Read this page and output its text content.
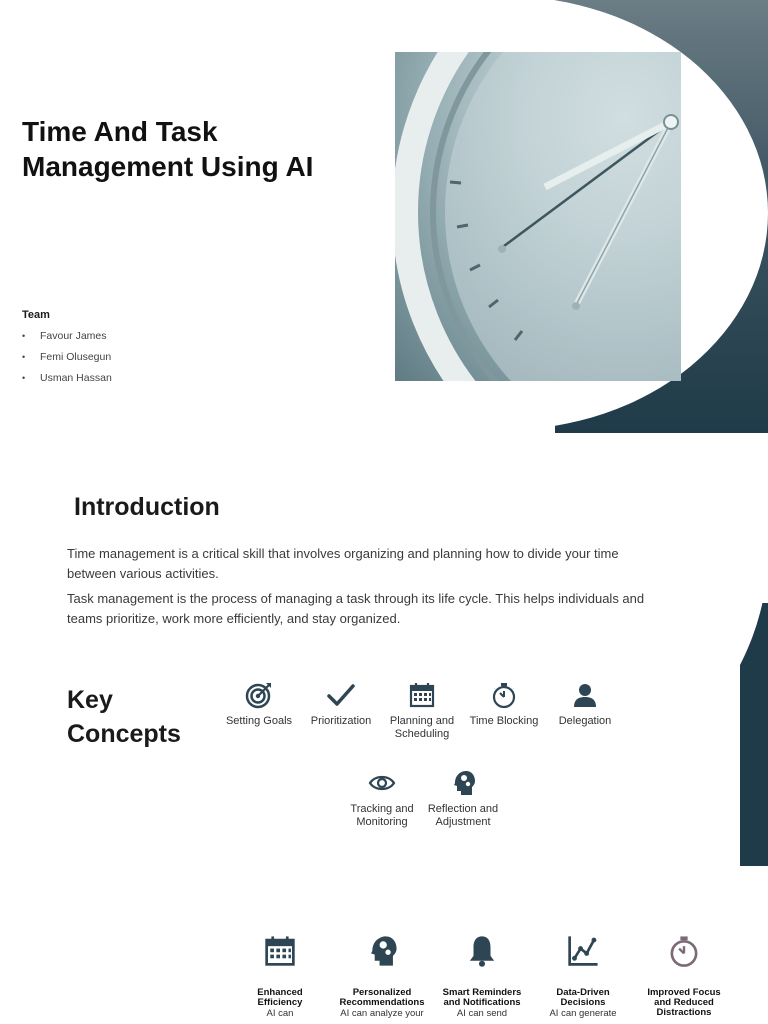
Time And Task Management Using AI
Team
• Favour James
• Femi Olusegun
• Usman Hassan
Introduction

Time management is a critical skill that involves organizing and planning how to divide your time between various activities.

Task management is the process of managing a task through its life cycle. This helps individuals and teams prioritize, work more efficiently, and stay organized.

Key Concepts	Setting Goals	Prioritization	Planning and Scheduling
Time Blocking	Delegation
Tracking and Monitoring
Reflection and Adjustment
Enhanced Efficiency
AI can
Personalized Recommendations
AI can analyze your
Smart Reminders and Notifications
AI can send
Data-Driven Decisions
AI can generate
Improved Focus and Reduced Distractions
